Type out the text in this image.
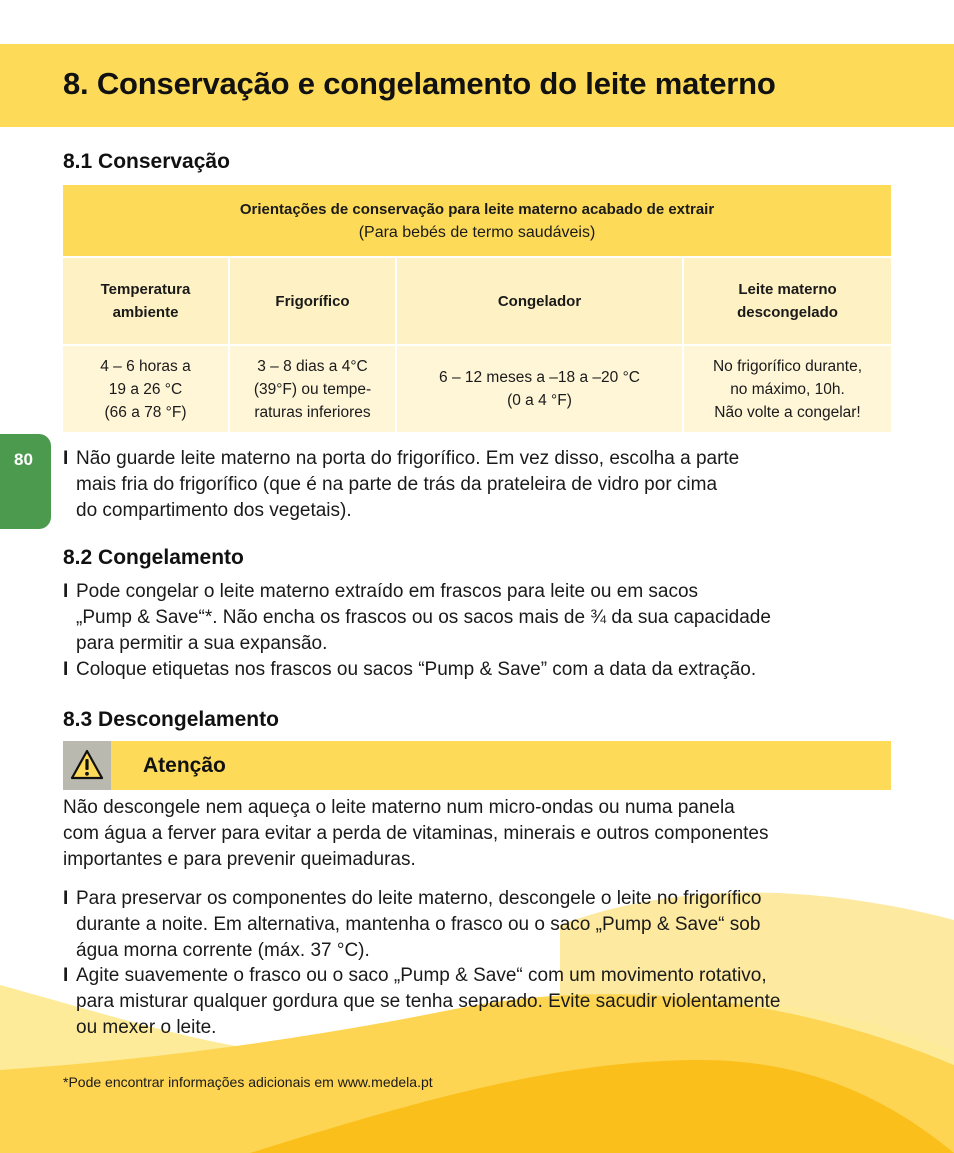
8. Conservação e congelamento do leite materno
8.1 Conservação
Orientações de conservação para leite materno acabado de extrair
(Para bebés de termo saudáveis)
Temperatura
ambiente
Frigorífico	Congelador
Leite materno
descongelado
4 – 6 horas a
19 a 26 °C
(66 a 78 °F)
3 – 8 dias a 4°C
(39°F) ou tempe-
raturas inferiores
6 – 12 meses a –18 a –20 °C
(0 a 4 °F)
No frigorífico durante,
no máximo, 10h.
Não volte a congelar!
80 I Não guarde leite materno na porta do frigorífico. Em vez disso, escolha a parte
mais fria do frigorífico (que é na parte de trás da prateleira de vidro por cima
do compartimento dos vegetais).
8.2 Congelamento
I Pode congelar o leite materno extraído em frascos para leite ou em sacos
„Pump & Save“*. Não encha os frascos ou os sacos mais de ¾ da sua capacidade
para permitir a sua expansão.
I Coloque etiquetas nos frascos ou sacos “Pump & Save” com a data da extração.
8.3 Descongelamento
Atenção
Não descongele nem aqueça o leite materno num micro-ondas ou numa panela
com água a ferver para evitar a perda de vitaminas, minerais e outros componentes
importantes e para prevenir queimaduras.
I Para preservar os componentes do leite materno, descongele o leite no frigorífico
durante a noite. Em alternativa, mantenha o frasco ou o saco „Pump & Save“ sob
água morna corrente (máx. 37 °C).
I Agite suavemente o frasco ou o saco „Pump & Save“ com um movimento rotativo,
para misturar qualquer gordura que se tenha separado. Evite sacudir violentamente
ou mexer o leite.
*Pode encontrar informações adicionais em www.medela.pt
